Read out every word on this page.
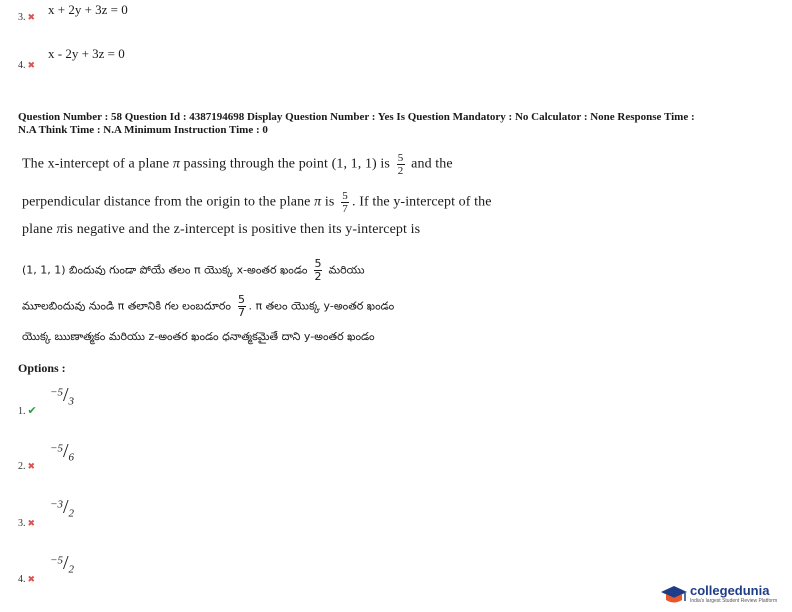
3. ✖ x + 2y + 3z = 0
4. ✖
x - 2y + 3z = 0
Question Number : 58 Question Id : 4387194698 Display Question Number : Yes Is Question Mandatory : No Calculator : None Response Time :
N.A Think Time : N.A Minimum Instruction Time : 0
The x-intercept of a plane π passing through the point (1, 1, 1) is $\frac{5}{2}$ and the
perpendicular distance from the origin to the plane π is $\frac{5}{7}$ . If the y-intercept of the
plane πis negative and the z-intercept is positive then its y-intercept is
(1, 1, 1) బిందువు గుండా పోయే తలం π యొక్క x-అంతర ఖండం $\frac{5}{2}$ మరియు
మూలబిందువు నుండి π తలానికి గల లంబదూరం $\frac{5}{7}$ . π తలం యొక్క y-అంతర ఖండం
యొక్క ఋణాత్మకం మరియు z-అంతర ఖండం ధనాత్మకమైతే దాని y-అంతర ఖండం
Options :
$^{-5}/_3$
1. ✔
$^{-5}/_6$
2. ✖
$^{-3}/_2$
3. ✖
$^{-5}/_2$
4. ✖
collegedunia
India's largest Student Review Platform
